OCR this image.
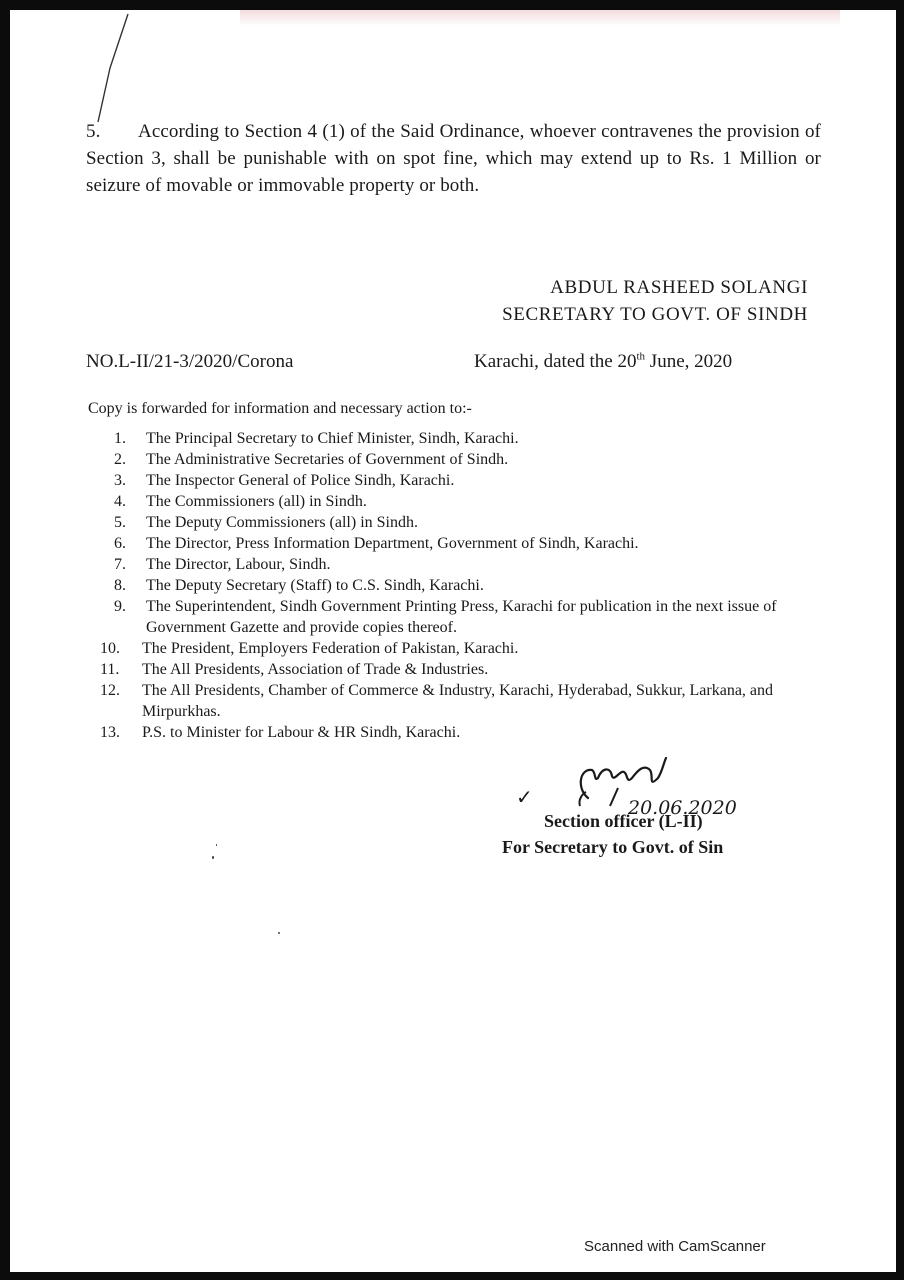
5. According to Section 4 (1) of the Said Ordinance, whoever contravenes the provision of Section 3, shall be punishable with on spot fine, which may extend up to Rs. 1 Million or seizure of movable or immovable property or both.
ABDUL RASHEED SOLANGI
SECRETARY TO GOVT. OF SINDH
NO.L-II/21-3/2020/Corona	Karachi, dated the 20th June, 2020
Copy is forwarded for information and necessary action to:-
1. The Principal Secretary to Chief Minister, Sindh, Karachi.
2. The Administrative Secretaries of Government of Sindh.
3. The Inspector General of Police Sindh, Karachi.
4. The Commissioners (all) in Sindh.
5. The Deputy Commissioners (all) in Sindh.
6. The Director, Press Information Department, Government of Sindh, Karachi.
7. The Director, Labour, Sindh.
8. The Deputy Secretary (Staff) to C.S. Sindh, Karachi.
9. The Superintendent, Sindh Government Printing Press, Karachi for publication in the next issue of Government Gazette and provide copies thereof.
10. The President, Employers Federation of Pakistan, Karachi.
11. The All Presidents, Association of Trade & Industries.
12. The All Presidents, Chamber of Commerce & Industry, Karachi, Hyderabad, Sukkur, Larkana, and Mirpurkhas.
13. P.S. to Minister for Labour & HR Sindh, Karachi.
✓	20.06.2020
Section officer (L-II)
For Secretary to Govt. of Sin
Scanned with CamScanner
